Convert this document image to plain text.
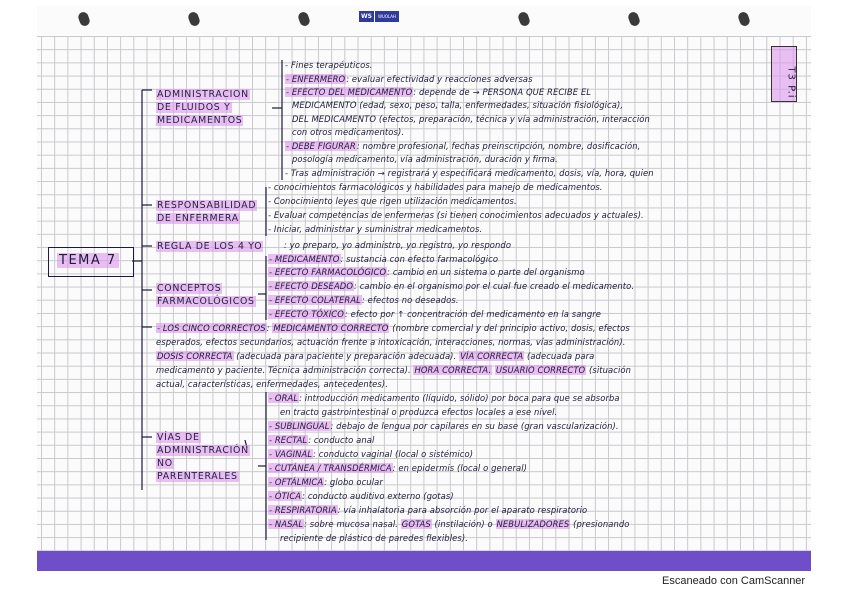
WS	WUOLAH
T3 P.i
TEMA 7
ADMINISTRACION
DE FLUIDOS Y
MEDICAMENTOS
RESPONSABILIDAD
DE ENFERMERA
REGLA DE LOS 4 YO
CONCEPTOS
FARMACOLÓGICOS
VÍAS DE
ADMINISTRACIÓN
NO
PARENTERALES
- Fines terapéuticos.
- ENFERMERO: evaluar efectividad y reacciones adversas
- EFECTO DEL MEDICAMENTO: depende de → PERSONA QUE RECIBE EL
MEDICAMENTO (edad, sexo, peso, talla, enfermedades, situación fisiológica),
DEL MEDICAMENTO (efectos, preparación, técnica y vía administración, interacción
con otros medicamentos).
- DEBE FIGURAR: nombre profesional, fechas preinscripción, nombre, dosificación,
posología medicamento, vía administración, duración y firma.
- Tras administración → registrará y especificará medicamento, dosis, vía, hora, quien
- conocimientos farmacológicos y habilidades para manejo de medicamentos.
- Conocimiento leyes que rigen utilización medicamentos.
- Evaluar competencias de enfermeras (si tienen conocimientos adecuados y actuales).
- Iniciar, administrar y suministrar medicamentos.
: yo preparo, yo administro, yo registro, yo respondo
- MEDICAMENTO: sustancia con efecto farmacológico
- EFECTO FARMACOLÓGICO: cambio en un sistema o parte del organismo
- EFECTO DESEADO: cambio en el organismo por el cual fue creado el medicamento.
- EFECTO COLATERAL: efectos no deseados.
- EFECTO TÓXICO: efecto por ↑ concentración del medicamento en la sangre
- LOS CINCO CORRECTOS: MEDICAMENTO CORRECTO (nombre comercial y del principio activo, dosis, efectos
esperados, efectos secundarios, actuación frente a intoxicación, interacciones, normas, vías administración).
DOSIS CORRECTA (adecuada para paciente y preparación adecuada). VÍA CORRECTA (adecuada para
medicamento y paciente. Técnica administración correcta). HORA CORRECTA. USUARIO CORRECTO (situación
actual, características, enfermedades, antecedentes).
- ORAL: introducción medicamento (líquido, sólido) por boca para que se absorba
en tracto gastrointestinal o produzca efectos locales a ese nivel.
- SUBLINGUAL: debajo de lengua por capilares en su base (gran vascularización).
- RECTAL: conducto anal
- VAGINAL: conducto vaginal (local o sistémico)
- CUTÁNEA / TRANSDÉRMICA: en epidermis (local o general)
- OFTÁLMICA: globo ocular
- ÓTICA: conducto auditivo externo (gotas)
- RESPIRATORIA: vía inhalatoria para absorción por el aparato respiratorio
- NASAL: sobre mucosa nasal. GOTAS (instilación) o NEBULIZADORES (presionando
recipiente de plástico de paredes flexibles).
Escaneado con CamScanner
